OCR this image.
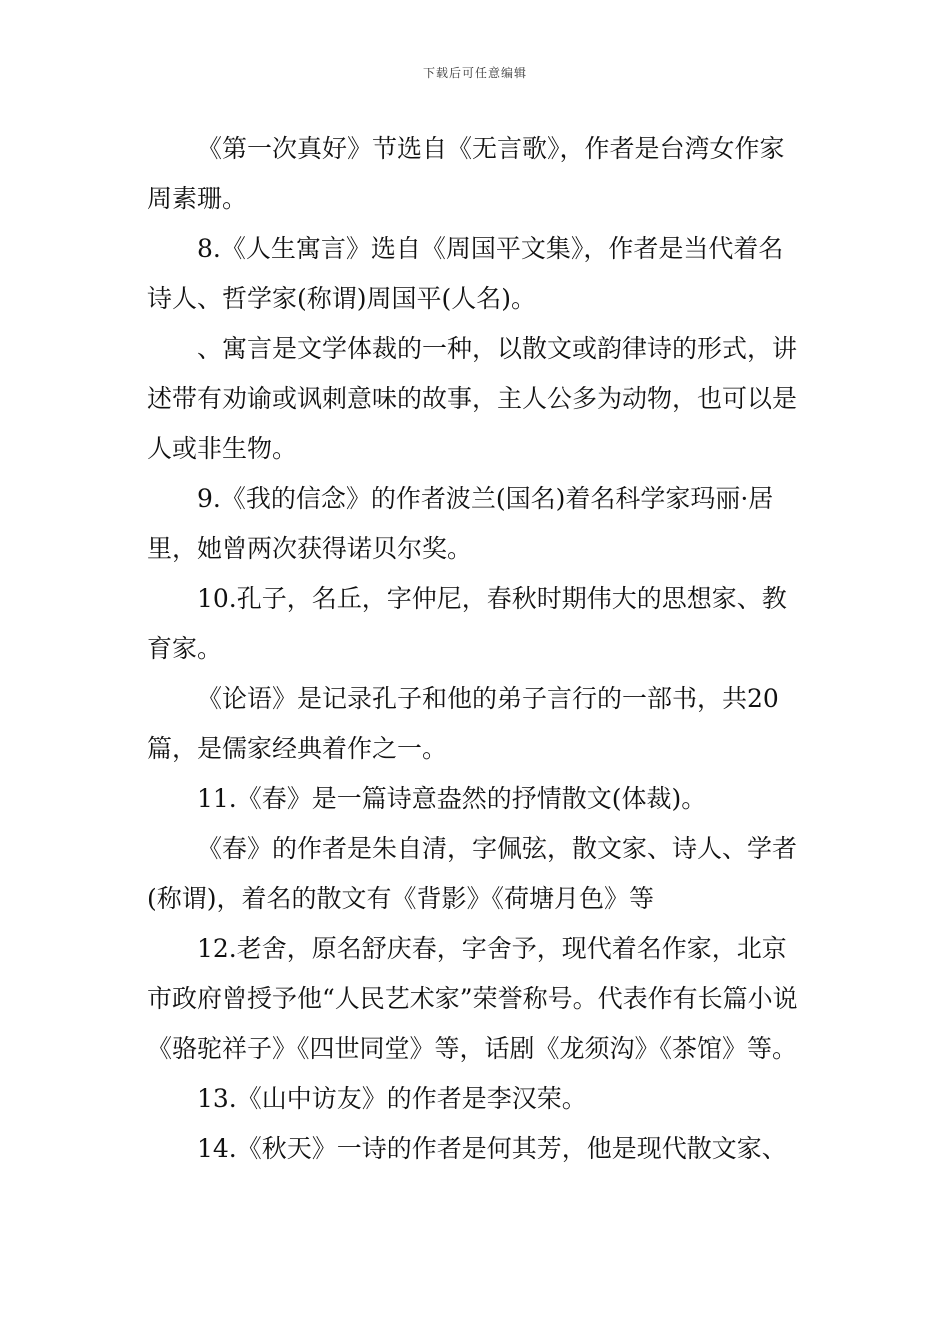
下载后可任意编辑

《第一次真好》节选自《无言歌》，作者是台湾女作家周素珊。

8.《人生寓言》选自《周国平文集》，作者是当代着名诗人、哲学家(称谓)周国平(人名)。

、寓言是文学体裁的一种，以散文或韵律诗的形式，讲述带有劝谕或讽刺意味的故事，主人公多为动物，也可以是人或非生物。

9.《我的信念》的作者波兰(国名)着名科学家玛丽·居里，她曾两次获得诺贝尔奖。

10.孔子，名丘，字仲尼，春秋时期伟大的思想家、教育家。

《论语》是记录孔子和他的弟子言行的一部书，共20篇，是儒家经典着作之一。

11.《春》是一篇诗意盎然的抒情散文(体裁)。

《春》的作者是朱自清，字佩弦，散文家、诗人、学者(称谓)，着名的散文有《背影》《荷塘月色》等

12.老舍，原名舒庆春，字舍予，现代着名作家，北京市政府曾授予他“人民艺术家”荣誉称号。代表作有长篇小说《骆驼祥子》《四世同堂》等，话剧《龙须沟》《茶馆》等。

13.《山中访友》的作者是李汉荣。

14.《秋天》一诗的作者是何其芳，他是现代散文家、
